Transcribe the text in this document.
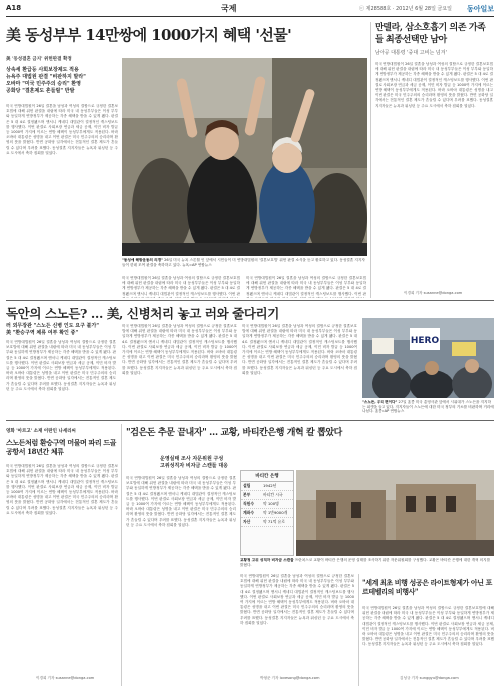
A18	국제	ⓒ 제28588호 · 2012년 6월 28일 금요일 동아일보
美 동성부부 14만쌍에 1000가지 혜택 '선물'
美 '동성결혼 금지' 위헌판결 확정
상속세 환급등 사회보장제도 적용
뉴욕주 대법원 판결 "비판하지 말라"
오바마 "미국 민주주의 승리" 환영
공화당 "결혼제도 흔들릴" 반발
미국 연방대법원이 26일 결혼을 남성과 여성의 결합으로 규정한 결혼보호법에 대해 위헌 판결을 내림에 따라 미국 내 동성부부들은 이성 부부와 동일하게 연방정부가 제공하는 각종 혜택을 받을 수 있게 됐다. 판결은 5 대 4로 결정됐으며 앤서니 케네디 대법관이 결정적인 캐스팅보트를 행사했다. 이번 판결로 사회보장 연금과 세금 공제, 이민 비자 발급 등 1000여 가지에 이르는 연방 혜택이 동성부부에게도 적용된다. 버락 오바마 대통령은 성명을 내고 이번 판결은 미국 민주주의의 승리라며 환영의 뜻을 밝혔다. 반면 공화당 일각에서는 전통적인 결혼 제도가 흔들릴 수 있다며 우려를 표했다. 동성결혼 지지자들은 뉴욕과 워싱턴 등 주요 도시에서 축하 집회를 열었다.
"동성애 해방운동의 의경" 26일 미국 뉴욕 스톤월 인 앞에서 시민들이 미 연방대법원의 '결혼보호법' 위헌 판결 소식을 듣고 환호하고 있다. 동성결혼 지지자들이 한데 모여 판결을 축하하고 있다. 뉴욕=AP 연합뉴스
미국 연방대법원이 26일 결혼을 남성과 여성의 결합으로 규정한 결혼보호법에 대해 위헌 판결을 내림에 따라 미국 내 동성부부들은 이성 부부와 동일하게 연방정부가 제공하는 각종 혜택을 받을 수 있게 됐다. 판결은 5 대 4로 결정됐으며 앤서니 케네디 대법관이 결정적인 캐스팅보트를 행사했다. 이번 판
미국 연방대법원이 26일 결혼을 남성과 여성의 결합으로 규정한 결혼보호법에 대해 위헌 판결을 내림에 따라 미국 내 동성부부들은 이성 부부와 동일하게 연방정부가 제공하는 각종 혜택을 받을 수 있게 됐다. 판결은 5 대 4로 결정됐으며 앤서니 케네디 대법관이 결정적인 캐스팅보트를 행사했다. 이번 판
만델라, 삼소호흡기 의존 가족들 최종선택만 남아
남아공 대통령 '중대 고비는 넘겨'
미국 연방대법원이 26일 결혼을 남성과 여성의 결합으로 규정한 결혼보호법에 대해 위헌 판결을 내림에 따라 미국 내 동성부부들은 이성 부부와 동일하게 연방정부가 제공하는 각종 혜택을 받을 수 있게 됐다. 판결은 5 대 4로 결정됐으며 앤서니 케네디 대법관이 결정적인 캐스팅보트를 행사했다. 이번 판결로 사회보장 연금과 세금 공제, 이민 비자 발급 등 1000여 가지에 이르는 연방 혜택이 동성부부에게도 적용된다. 버락 오바마 대통령은 성명을 내고 이번 판결은 미국 민주주의의 승리라며 환영의 뜻을 밝혔다. 반면 공화당 일각에서는 전통적인 결혼 제도가 흔들릴 수 있다며 우려를 표했다. 동성결혼 지지자들은 뉴욕과 워싱턴 등 주요 도시에서 축하 집회를 열었다.
이경희 기자 susanne@donga.com
독안의 스노든? … 美, 신병처리 놓고 러와 줄다리기
러 외무장관 "스노든 신병 인도 요구 불가"
美 "환승구역 체류 여부 확인 중"
미국 연방대법원이 26일 결혼을 남성과 여성의 결합으로 규정한 결혼보호법에 대해 위헌 판결을 내림에 따라 미국 내 동성부부들은 이성 부부와 동일하게 연방정부가 제공하는 각종 혜택을 받을 수 있게 됐다. 판결은 5 대 4로 결정됐으며 앤서니 케네디 대법관이 결정적인 캐스팅보트를 행사했다. 이번 판결로 사회보장 연금과 세금 공제, 이민 비자 발급 등 1000여 가지에 이르는 연방 혜택이 동성부부에게도 적용된다. 버락 오바마 대통령은 성명을 내고 이번 판결은 미국 민주주의의 승리라며 환영의 뜻을 밝혔다. 반면 공화당 일각에서는 전통적인 결혼 제도가 흔들릴 수 있다며 우려를 표했다. 동성결혼 지지자들은 뉴욕과 워싱턴 등 주요 도시에서 축하 집회를 열었다.
미국 연방대법원이 26일 결혼을 남성과 여성의 결합으로 규정한 결혼보호법에 대해 위헌 판결을 내림에 따라 미국 내 동성부부들은 이성 부부와 동일하게 연방정부가 제공하는 각종 혜택을 받을 수 있게 됐다. 판결은 5 대 4로 결정됐으며 앤서니 케네디 대법관이 결정적인 캐스팅보트를 행사했다. 이번 판결로 사회보장 연금과 세금 공제, 이민 비자 발급 등 1000여 가지에 이르는 연방 혜택이 동성부부에게도 적용된다. 버락 오바마 대통령은 성명을 내고 이번 판결은 미국 민주주의의 승리라며 환영의 뜻을 밝혔다. 반면 공화당 일각에서는 전통적인 결혼 제도가 흔들릴 수 있다며 우려를 표했다. 동성결혼 지지자들은 뉴욕과 워싱턴 등 주요 도시에서 축하 집회를 열었다.
미국 연방대법원이 26일 결혼을 남성과 여성의 결합으로 규정한 결혼보호법에 대해 위헌 판결을 내림에 따라 미국 내 동성부부들은 이성 부부와 동일하게 연방정부가 제공하는 각종 혜택을 받을 수 있게 됐다. 판결은 5 대 4로 결정됐으며 앤서니 케네디 대법관이 결정적인 캐스팅보트를 행사했다. 이번 판결로 사회보장 연금과 세금 공제, 이민 비자 발급 등 1000여 가지에 이르는 연방 혜택이 동성부부에게도 적용된다. 버락 오바마 대통령은 성명을 내고 이번 판결은 미국 민주주의의 승리라며 환영의 뜻을 밝혔다. 반면 공화당 일각에서는 전통적인 결혼 제도가 흔들릴 수 있다며 우려를 표했다. 동성결혼 지지자들은 뉴욕과 워싱턴 등 주요 도시에서 축하 집회를 열었다.
HERO
"스노든, 우리 편이다" 27일 홍콩 미국 총영사관 앞에서 시위대가 스노든을 지지하는 피켓을 들고 있다. 지지자들이 스노든에 대한 미국 정부의 기소를 비판하며 거리에 나섰다. 홍콩=AP 연합뉴스
영화 '아르고' 소재 이란인 나세리씨
스노든처럼 환승구역 머물며 파리 드골공항서 18년간 체류
미국 연방대법원이 26일 결혼을 남성과 여성의 결합으로 규정한 결혼보호법에 대해 위헌 판결을 내림에 따라 미국 내 동성부부들은 이성 부부와 동일하게 연방정부가 제공하는 각종 혜택을 받을 수 있게 됐다. 판결은 5 대 4로 결정됐으며 앤서니 케네디 대법관이 결정적인 캐스팅보트를 행사했다. 이번 판결로 사회보장 연금과 세금 공제, 이민 비자 발급 등 1000여 가지에 이르는 연방 혜택이 동성부부에게도 적용된다. 버락 오바마 대통령은 성명을 내고 이번 판결은 미국 민주주의의 승리라며 환영의 뜻을 밝혔다. 반면 공화당 일각에서는 전통적인 결혼 제도가 흔들릴 수 있다며 우려를 표했다. 동성결혼 지지자들은 뉴욕과 워싱턴 등 주요 도시에서 축하 집회를 열었다.
이경희 기자 susanne@donga.com
"검은돈 추문 끝내자" … 교황, 바티칸은행 개혁 칼 뽑았다
운영실태 조사 자문위원 구성
고위성직자 비자금 스캔들 대응
미국 연방대법원이 26일 결혼을 남성과 여성의 결합으로 규정한 결혼보호법에 대해 위헌 판결을 내림에 따라 미국 내 동성부부들은 이성 부부와 동일하게 연방정부가 제공하는 각종 혜택을 받을 수 있게 됐다. 판결은 5 대 4로 결정됐으며 앤서니 케네디 대법관이 결정적인 캐스팅보트를 행사했다. 이번 판결로 사회보장 연금과 세금 공제, 이민 비자 발급 등 1000여 가지에 이르는 연방 혜택이 동성부부에게도 적용된다. 버락 오바마 대통령은 성명을 내고 이번 판결은 미국 민주주의의 승리라며 환영의 뜻을 밝혔다. 반면 공화당 일각에서는 전통적인 결혼 제도가 흔들릴 수 있다며 우려를 표했다. 동성결혼 지지자들은 뉴욕과 워싱턴 등 주요 도시에서 축하 집회를 열었다.
바티칸 은행
설립	1942년
본부	바티칸 시국
직원수	약 100명
계좌수	약 1만9000개
자산	약 71억 유로
교황청 고위 성직자 비자금 스캔들 프란치스코 교황이 바티칸 은행의 운영 실태를 조사하기 위한 자문위원회를 구성했다. 교황은 바티칸 은행에 대한 개혁 의지를 밝혔다.
미국 연방대법원이 26일 결혼을 남성과 여성의 결합으로 규정한 결혼보호법에 대해 위헌 판결을 내림에 따라 미국 내 동성부부들은 이성 부부와 동일하게 연방정부가 제공하는 각종 혜택을 받을 수 있게 됐다. 판결은 5 대 4로 결정됐으며 앤서니 케네디 대법관이 결정적인 캐스팅보트를 행사했다. 이번 판결로 사회보장 연금과 세금 공제, 이민 비자 발급 등 1000여 가지에 이르는 연방 혜택이 동성부부에게도 적용된다. 버락 오바마 대통령은 성명을 내고 이번 판결은 미국 민주주의의 승리라며 환영의 뜻을 밝혔다. 반면 공화당 일각에서는 전통적인 결혼 제도가 흔들릴 수 있다며 우려를 표했다. 동성결혼 지지자들은 뉴욕과 워싱턴 등 주요 도시에서 축하 집회를 열었다.
박형준 기자 lovesong@donga.com
"세계 최초 비행 성공은 라이트형제가 아닌 포르테벨리의 비행사"
미국 연방대법원이 26일 결혼을 남성과 여성의 결합으로 규정한 결혼보호법에 대해 위헌 판결을 내림에 따라 미국 내 동성부부들은 이성 부부와 동일하게 연방정부가 제공하는 각종 혜택을 받을 수 있게 됐다. 판결은 5 대 4로 결정됐으며 앤서니 케네디 대법관이 결정적인 캐스팅보트를 행사했다. 이번 판결로 사회보장 연금과 세금 공제, 이민 비자 발급 등 1000여 가지에 이르는 연방 혜택이 동성부부에게도 적용된다. 버락 오바마 대통령은 성명을 내고 이번 판결은 미국 민주주의의 승리라며 환영의 뜻을 밝혔다. 반면 공화당 일각에서는 전통적인 결혼 제도가 흔들릴 수 있다며 우려를 표했다. 동성결혼 지지자들은 뉴욕과 워싱턴 등 주요 도시에서 축하 집회를 열었다.
김성규 기자 sunggyu@donga.com
